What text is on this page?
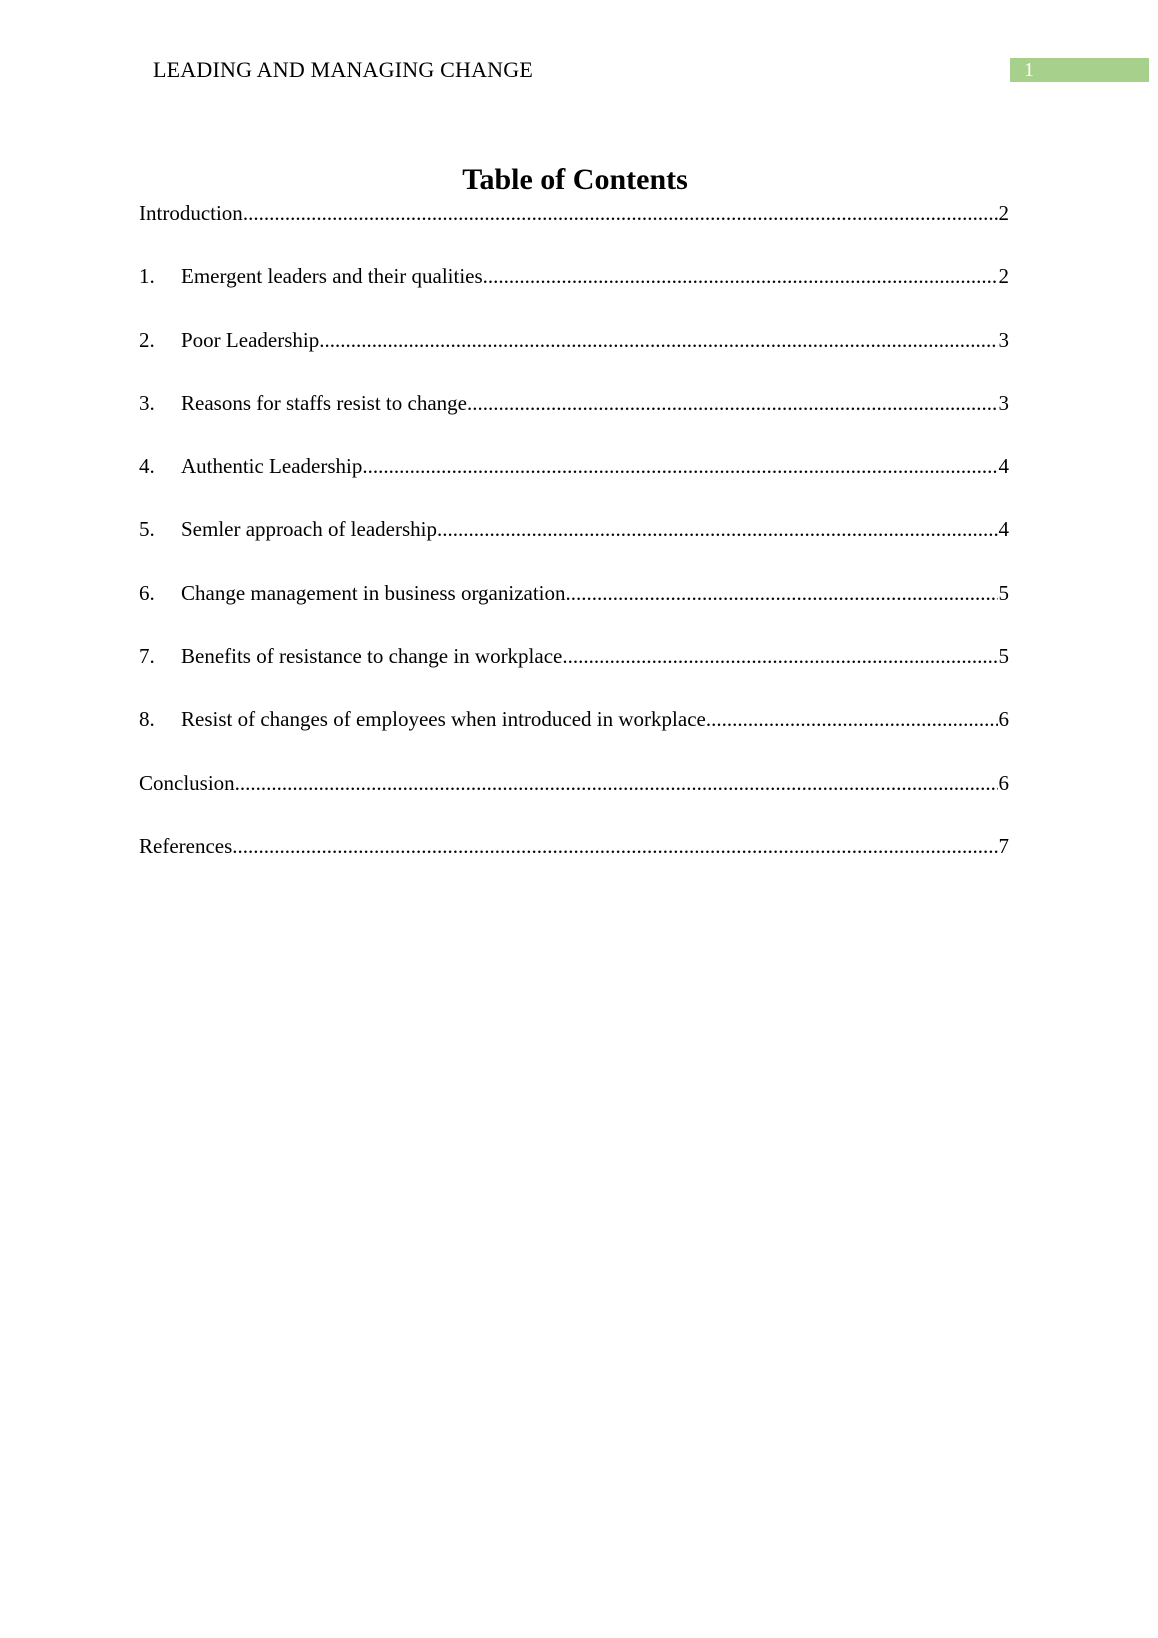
LEADING AND MANAGING CHANGE	1
Table of Contents
Introduction .....	2
1.	Emergent leaders and their qualities .....	2
2.	Poor Leadership .....	3
3.	Reasons for staffs resist to change .....	3
4.	Authentic Leadership .....	4
5.	Semler approach of leadership .....	4
6.	Change management in business organization .....	5
7.	Benefits of resistance to change in workplace .....	5
8.	Resist of changes of employees when introduced in workplace .....	6
Conclusion .....	6
References .....	7
